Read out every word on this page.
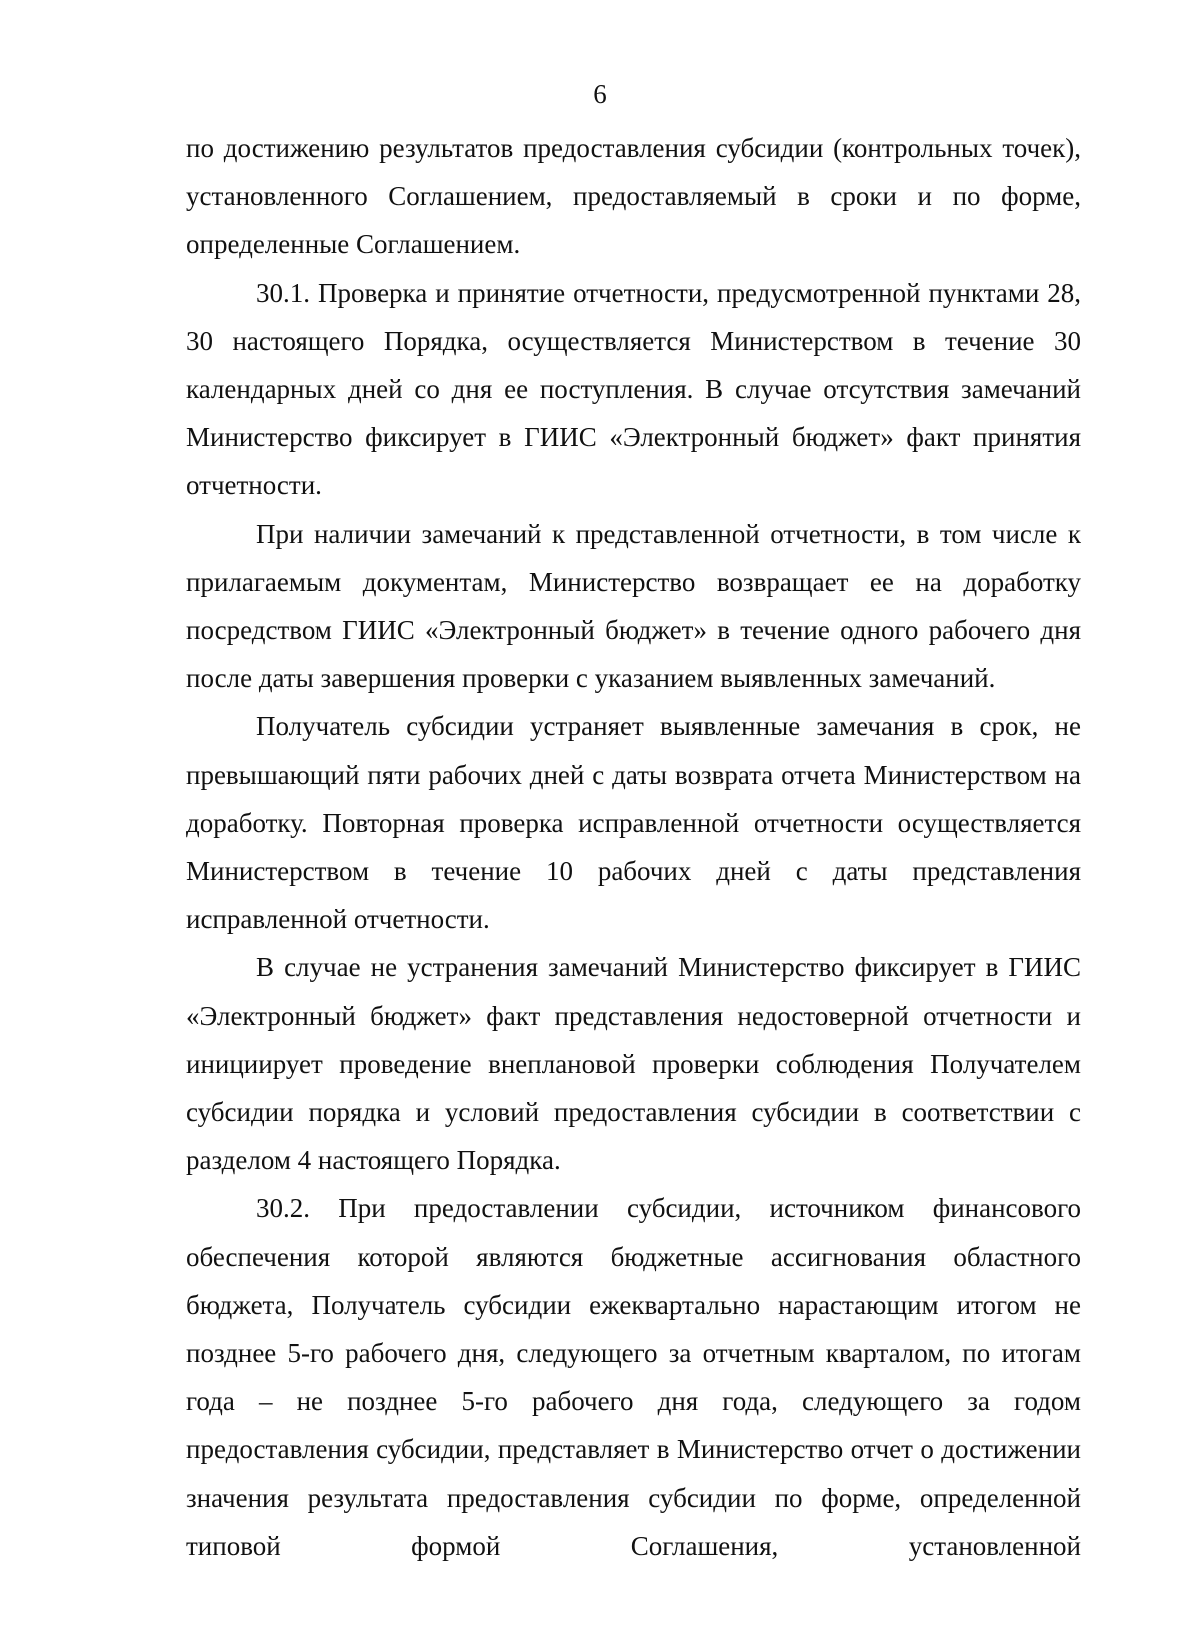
6

по достижению результатов предоставления субсидии (контрольных точек), установленного Соглашением, предоставляемый в сроки и по форме, определенные Соглашением.

30.1. Проверка и принятие отчетности, предусмотренной пунктами 28, 30 настоящего Порядка, осуществляется Министерством в течение 30 календарных дней со дня ее поступления. В случае отсутствия замечаний Министерство фиксирует в ГИИС «Электронный бюджет» факт принятия отчетности.

При наличии замечаний к представленной отчетности, в том числе к прилагаемым документам, Министерство возвращает ее на доработку посредством ГИИС «Электронный бюджет» в течение одного рабочего дня после даты завершения проверки с указанием выявленных замечаний.

Получатель субсидии устраняет выявленные замечания в срок, не превышающий пяти рабочих дней с даты возврата отчета Министерством на доработку. Повторная проверка исправленной отчетности осуществляется Министерством в течение 10 рабочих дней с даты представления исправленной отчетности.

В случае не устранения замечаний Министерство фиксирует в ГИИС «Электронный бюджет» факт представления недостоверной отчетности и инициирует проведение внеплановой проверки соблюдения Получателем субсидии порядка и условий предоставления субсидии в соответствии с разделом 4 настоящего Порядка.

30.2. При предоставлении субсидии, источником финансового обеспечения которой являются бюджетные ассигнования областного бюджета, Получатель субсидии ежеквартально нарастающим итогом не позднее 5-го рабочего дня, следующего за отчетным кварталом, по итогам года – не позднее 5-го рабочего дня года, следующего за годом предоставления субсидии, представляет в Министерство отчет о достижении значения результата предоставления субсидии по форме, определенной типовой формой Соглашения, установленной
